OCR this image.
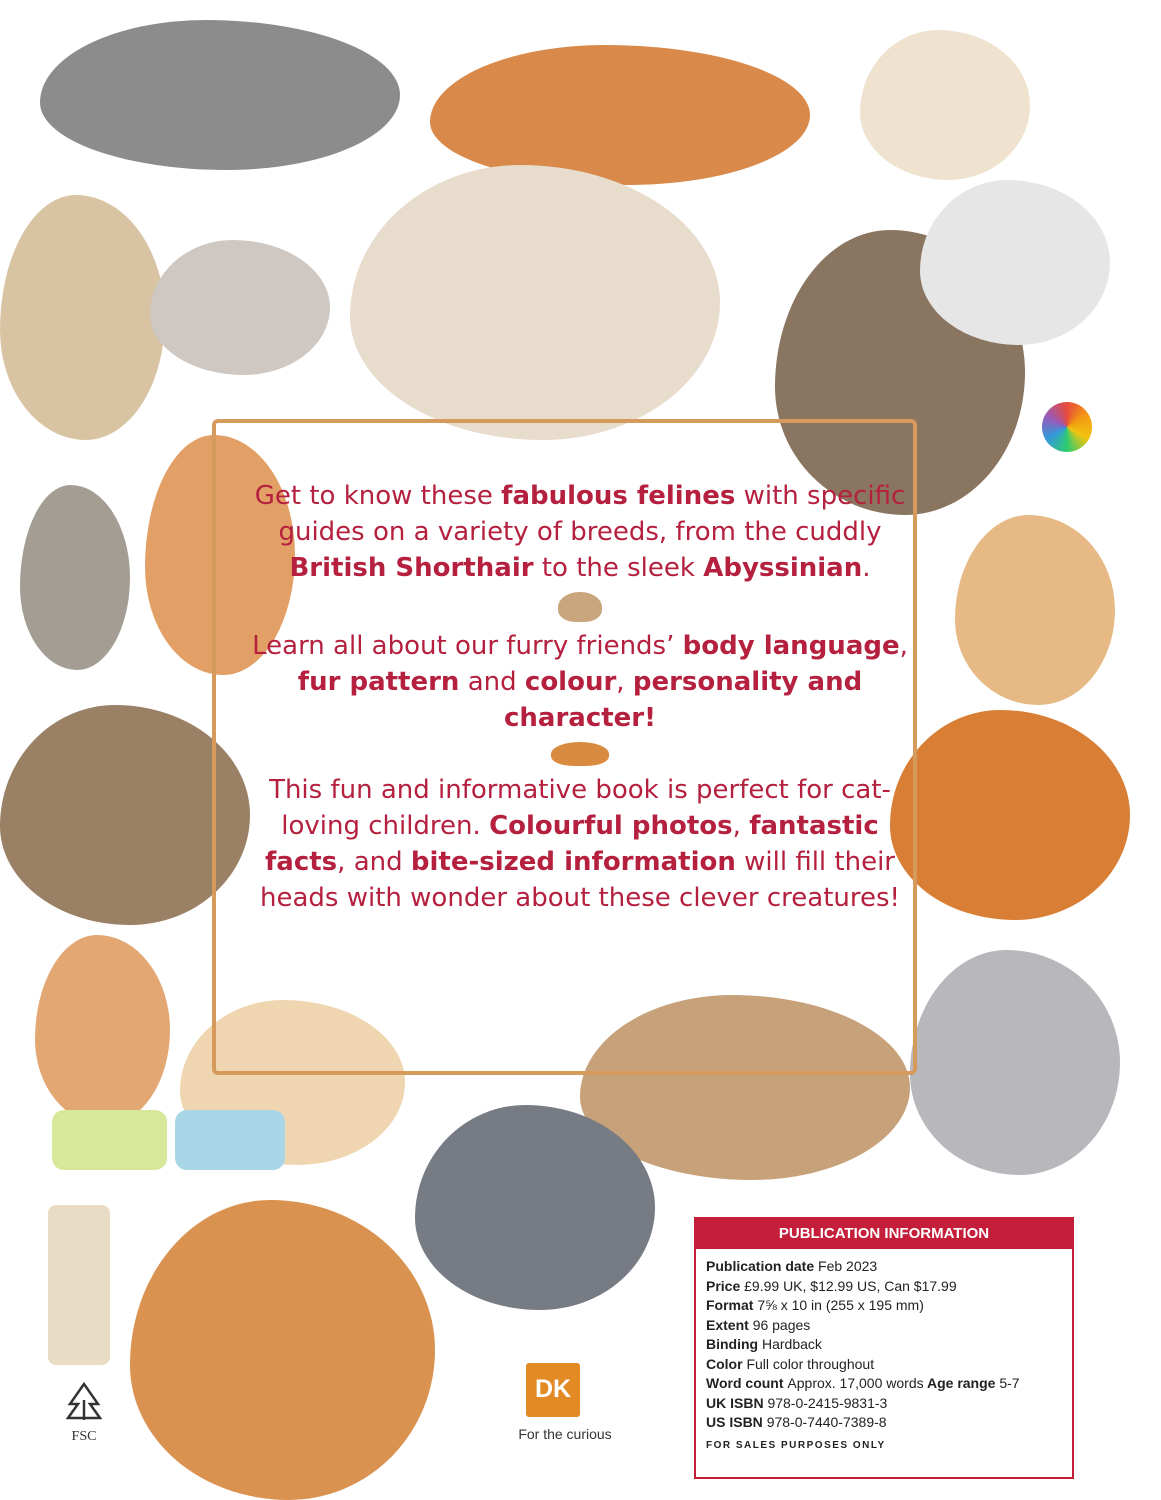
Get to know these fabulous felines with specific guides on a variety of breeds, from the cuddly British Shorthair to the sleek Abyssinian.

Learn all about our furry friends’ body language, fur pattern and colour, personality and character!

This fun and informative book is perfect for cat-loving children. Colourful photos, fantastic facts, and bite-sized information will fill their heads with wonder about these clever creatures!

PUBLICATION INFORMATION
Publication date Feb 2023
Price £9.99 UK, $12.99 US, Can $17.99
Format 7⅝ x 10 in (255 x 195 mm)
Extent 96 pages
Binding Hardback
Color Full color throughout
Word count Approx. 17,000 words Age range 5-7
UK ISBN 978-0-2415-9831-3
US ISBN 978-0-7440-7389-8
FOR SALES PURPOSES ONLY
DK
For the curious
FSC
